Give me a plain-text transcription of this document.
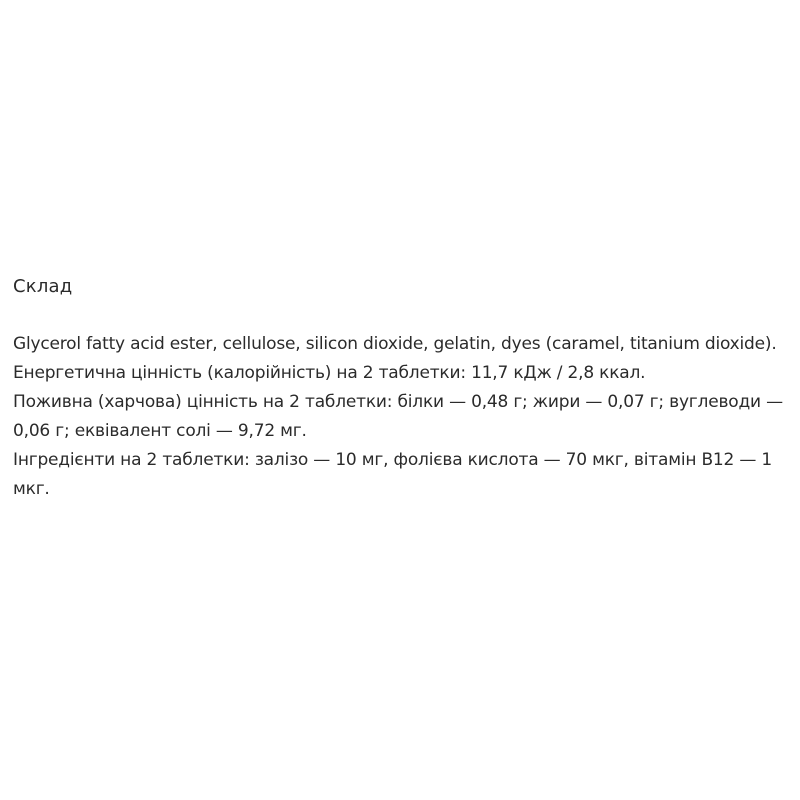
Склад

Glycerol fatty acid ester, cellulose, silicon dioxide, gelatin, dyes (caramel, titanium dioxide).

Енергетична цінність (калорійність) на 2 таблетки: 11,7 кДж / 2,8 ккал.

Поживна (харчова) цінність на 2 таблетки: білки — 0,48 г; жири — 0,07 г; вуглеводи — 0,06 г; еквівалент солі — 9,72 мг.

Інгредієнти на 2 таблетки: залізо — 10 мг, фолієва кислота — 70 мкг, вітамін B12 — 1 мкг.
